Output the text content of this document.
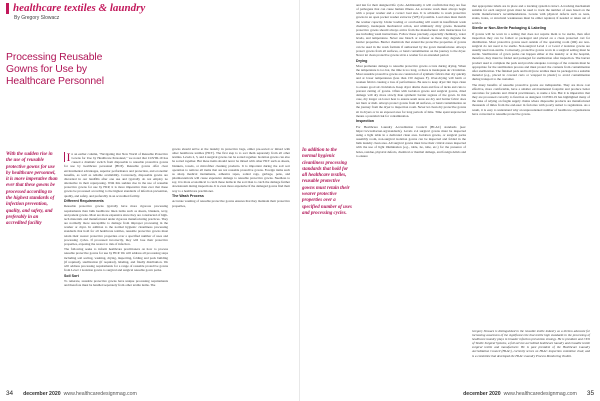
healthcare textiles & laundry
By Gregory Slowacz
Processing Reusable Gowns for Use by Healthcare Personnel
With the sudden rise in the use of reusable protective gowns for use by healthcare personnel, it is more imperative than ever that these gowns be processed according to the highest standards of infection prevention, quality, and safety, and preferably in an accredited facility

In an earlier column, "Navigating Our New World of Reusable Protective Gowns for Use by Healthcare Personnel," we noted that COVID-19 has caused a dramatic switch from disposable to reusable protective gowns for use by healthcare personnel (HCP). Reusable gowns offer clear environmental advantages, superior performance and protection, and economic benefits, as well as reliable availability. Conversely, disposable gowns are discarded in our landfills after one use and typically do not employ no alternative in their repurposing. With this sudden rise in the use of reusable protective gowns for use by HCP, it is more imperative than ever that these gowns be processed according to the highest standards of infection prevention, quality, and safety, and preferably in an accredited facility.

Different Requirements

Reusable protective gowns typically have more rigorous processing requirements than bulk healthcare linen items such as sheets, blankets, terry, and patient gowns. Most are more expensive since they are constructed of high-tech materials and manufactured under rigorous manufacturing practices. They are normally more susceptible to damage from improper processing in the washer or dryer. In addition to the normal hygienic cleanliness processing standards that hold for all healthcare textiles, reusable protective gowns must retain their wearer protective properties over a specified number of uses and processing cycles. If processed incorrectly, they will lose their protective properties, exposing the wearer to risk of infection.

The following seeks to inform healthcare practitioners on how to process reusable protective gowns for use by HCP. We will address all processing steps including soil sorting, washing, drying, inspecting, folding and pack building (if required), sterilization (if required), labeling, and finally distribution. We will address processing requirements for a range of reusable protective gowns from Level 1 isolation gowns to surgical and surgical reusable gown packs.

Soil Sort

To reiterate, reusable protective gowns have unique processing requirements and therefore must be handled separately from other textile items. The

gowns should arrive at the laundry in protective bags, either pre-sorted or mixed with other healthcare textiles (HCT). The first step is to sort them separately from all other textiles. Levels 2, 3, and 4 surgical gowns can be sorted together. Isolation gowns can also be sorted together. But these items should never be mixed with other HCT such as sheets, blankets, towels, or microfiber cleaning products. It is important during the soil sort operation to remove all items that are not reusable protective gowns. Foreign items such as sharp medical instruments, adhesive tapes, soiled rags, garbage, pens, and pharmaceuticals will cause expensive damage to reusable protective gowns. Needless to say, it is more economical to catch these items in the sort than to catch the damage further downstream during inspections. It is even more expensive if the damaged gowns find their way to a healthcare practitioner.

The Wash Process

Accurate washing of reusable protective gowns ensures that they maintain their protective properties,

34 december 2020 www.healthcaredesignmag.com
In addition to the normal hygienic cleanliness processing standards that hold for all healthcare textiles, reusable protective gowns must retain their wearer protective properties over a specified number of uses and processing cycles.

and last for their designed life cycle. Additionally, it will confirm that they are free of pathogens that can cause human illness. An accurate wash must always begin with a proper washer and a correct load size. It is advisable to wash protective gowns in an open pocket washer extractor (WE) if possible. Load sizes must match the washer capacity. Under loading or overloading will result in insufficient wash chemistry, inadequate mechanical action, and ultimately dirty gowns. Reusable protective gowns should always arrive from the manufacturer with instructions for use including wash instructions. Follow these precisely, especially chemistry, water levels, and temperature. Never use bleach or softener as these may degrade the barrier properties. Barrier chemicals that extend the protective properties of gowns can be used in the wash formula if authorized by the gown manufacturer. Always protect gowns from all surfaces, or hand contamination on the journey to the dryer. Never let clean protective gowns sit in a washer for an extended period.

Drying

Most premature damage to reusable protective gowns occurs during drying. When the temperature is too hot, the time is too long, or there is inadequate air circulation. Most reusable protective gowns are constructed of synthetic fabrics that dry quickly and at lower temperatures (less than 150 degrees F). Over-drying will harm or weaken fabrics causing a loss of performance. Be sure to keep dryer lint traps clean to ensure good air circulation. Keep dryer drums clean and free of nicks and cuts to prevent cutting of gowns. Often with isolation gowns and surgical gowns, dried damage will dry more slowly than synthetic barrier regions of the gown. In this case, dry longer on lower heat to ensure seam areas are dry and barrier fabric does not burn or melt. Always protect gowns from all surfaces, or hand contamination on the journey from the dryer to inspection room. Never let clean dry protective gowns sit in dryers or in an exposed area for long periods of time. Time spent unprotected means a potential risk for contamination.

Inspection

For Healthcare Laundry Accreditation Council (HLAC) standards (see: https://www.hlacnet.org/standards), Levels 2-4 surgical gowns must be inspected using a light table in a dedicated clean area. Isolation gowns, or surgical packs assembly room, non-surgical isolation gowns can be inspected and folded in the bulk laundry clean area. All surgical gowns must have their critical zones inspected with the use of light illumination (e.g., table, tie, tube, etc.) for the presence of holes, residue, physical defects, chemical or thermal damage, and foreign debris and to ensure

that appropriate labels are in place and a tracking system is intact. A tracking mechanism suitable for each surgical gown must be used to track the number of uses based on the textile manufacturer's recommendations. Gowns with physical defects such as tears, stains, holes, or structural weaknesses must be either repaired, if needed or taken out of service.

Sterile or Non-Sterile Packaging & Labeling

If gowns will be worn in a setting that does not require them to be sterile, then after inspection they can be folded or packaged and placed on a clean protected cart for distribution. Most protective gowns used outside of the operating room (OR) are non-surgical do not need to be sterile. Non-surgical Level 1 or Level 2 isolation gowns are usually used non-sterile. Conversely, protective gowns worn in a surgical setting must be sterile. Sterilization of gown packs can happen either at the laundry or at the hospital, therefore, they must be folded and packaged for sterilization after inspection. The barrier product used to complete the pack and provide adequate coverage of the contents must be appropriate for the sterilization process and must protect the contents from contamination after sterilization. The finished pack and hold (now textiles must be packaged in a suitable material (e.g., placed in covered carts or wrapped in plastic) to avoid contamination during transport to the customer.

The many benefits of reusable protective gowns are indisputable. They are more cost effective, more comfortable, have a smaller environmental footprint and produce better outcomes for patients and clinical practitioners, to name a few. But it is imperative that they are processed correctly to function as designed. COVID-19 has highlighted many of the risks of relying on fragile supply chains where disposable products are manufactured thousands of miles from the end-user in factories with poorly suited to regulations. As a result, it is easy to understand why an unprecedented number of healthcare organizations have converted to reusable protective gowns.

Gregory Slowacz is distinguished in the reusable textile industry as a tireless advocate for increasing awareness of the significant role that textile high standards in the processing of healthcare laundry plays in broader infection prevention strategy. He is president and CEO of Textile Surgical Systems, a full-service accredited healthcare laundry and reusable textile surgical textile and manufacturer. He is past president of the Healthcare Laundry Accreditation Council (HLAC), currently serves on HLAC inspection committee chair, and is a committee that developed the HLAC Laundry Process Monitoring Toolkit.
december 2020 www.healthcaredesignmag.com 35
